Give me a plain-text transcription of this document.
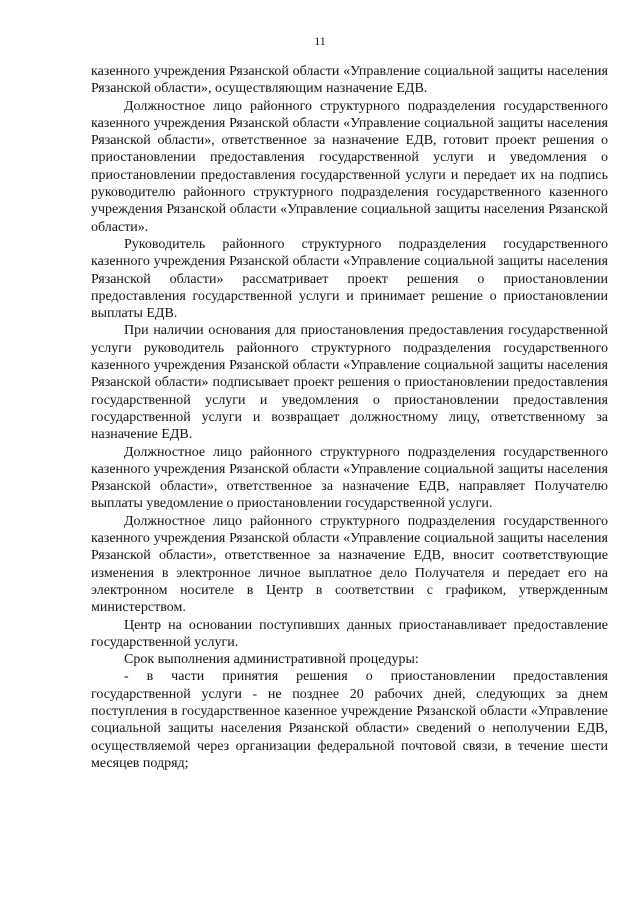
11

казенного учреждения Рязанской области «Управление социальной защиты населения Рязанской области», осуществляющим назначение ЕДВ.

Должностное лицо районного структурного подразделения государственного казенного учреждения Рязанской области «Управление социальной защиты населения Рязанской области», ответственное за назначение ЕДВ, готовит проект решения о приостановлении предоставления государственной услуги и уведомления о приостановлении предоставления государственной услуги и передает их на подпись руководителю районного структурного подразделения государственного казенного учреждения Рязанской области «Управление социальной защиты населения Рязанской области».

Руководитель районного структурного подразделения государственного казенного учреждения Рязанской области «Управление социальной защиты населения Рязанской области» рассматривает проект решения о приостановлении предоставления государственной услуги и принимает решение о приостановлении выплаты ЕДВ.

При наличии основания для приостановления предоставления государственной услуги руководитель районного структурного подразделения государственного казенного учреждения Рязанской области «Управление социальной защиты населения Рязанской области» подписывает проект решения о приостановлении предоставления государственной услуги и уведомления о приостановлении предоставления государственной услуги и возвращает должностному лицу, ответственному за назначение ЕДВ.

Должностное лицо районного структурного подразделения государственного казенного учреждения Рязанской области «Управление социальной защиты населения Рязанской области», ответственное за назначение ЕДВ, направляет Получателю выплаты уведомление о приостановлении государственной услуги.

Должностное лицо районного структурного подразделения государственного казенного учреждения Рязанской области «Управление социальной защиты населения Рязанской области», ответственное за назначение ЕДВ, вносит соответствующие изменения в электронное личное выплатное дело Получателя и передает его на электронном носителе в Центр в соответствии с графиком, утвержденным министерством.

Центр на основании поступивших данных приостанавливает предоставление государственной услуги.

Срок выполнения административной процедуры:

- в части принятия решения о приостановлении предоставления государственной услуги - не позднее 20 рабочих дней, следующих за днем поступления в государственное казенное учреждение Рязанской области «Управление социальной защиты населения Рязанской области» сведений о неполучении ЕДВ, осуществляемой через организации федеральной почтовой связи, в течение шести месяцев подряд;
